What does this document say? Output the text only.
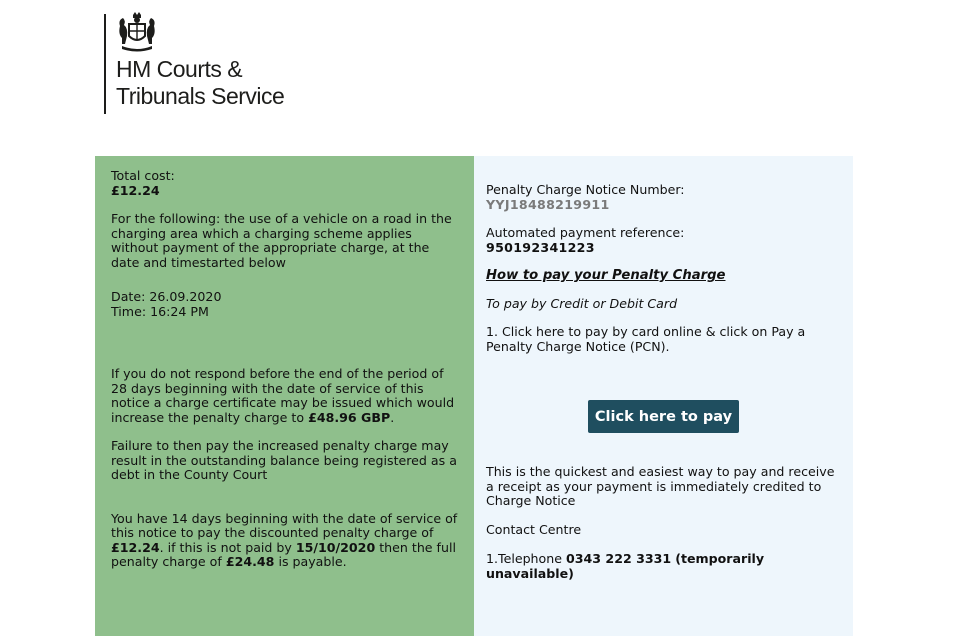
HM Courts &
Tribunals Service

Total cost:

£12.24

For the following: the use of a vehicle on a road in the charging area which a charging scheme applies without payment of the appropriate charge, at the date and timestarted below

Date: 26.09.2020

Time: 16:24 PM

If you do not respond before the end of the period of 28 days beginning with the date of service of this notice a charge certificate may be issued which would increase the penalty charge to £48.96 GBP.

Failure to then pay the increased penalty charge may result in the outstanding balance being registered as a debt in the County Court

You have 14 days beginning with the date of service of this notice to pay the discounted penalty charge of £12.24. if this is not paid by 15/10/2020 then the full penalty charge of £24.48 is payable.

Penalty Charge Notice Number:

YYJ18488219911

Automated payment reference:

950192341223

How to pay your Penalty Charge

To pay by Credit or Debit Card

1. Click here to pay by card online & click on Pay a Penalty Charge Notice (PCN).

Click here to pay

This is the quickest and easiest way to pay and receive a receipt as your payment is immediately credited to Charge Notice

Contact Centre

1.Telephone 0343 222 3331 (temporarily unavailable)
